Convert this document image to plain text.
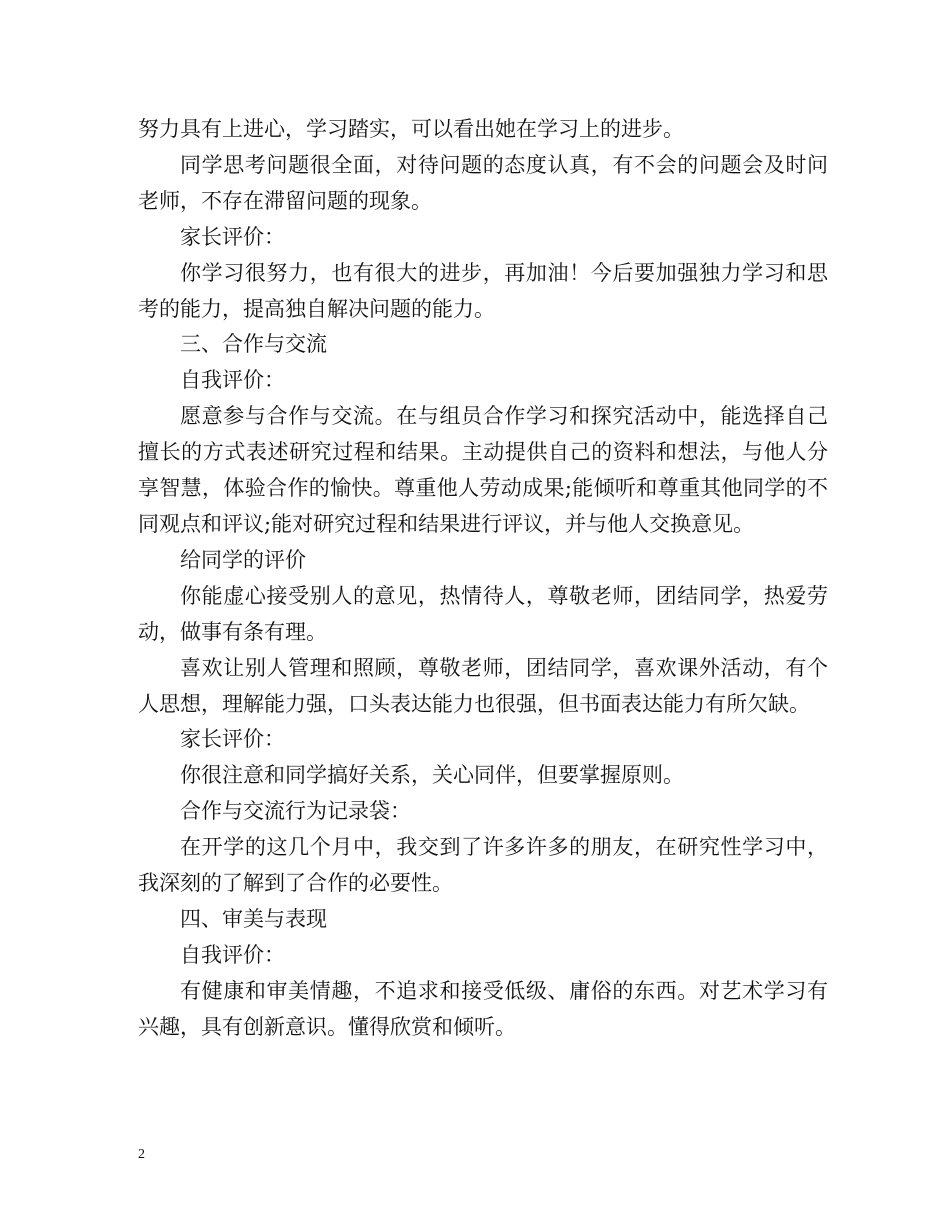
努力具有上进心，学习踏实，可以看出她在学习上的进步。

同学思考问题很全面，对待问题的态度认真，有不会的问题会及时问老师，不存在滞留问题的现象。

家长评价：

你学习很努力，也有很大的进步，再加油！今后要加强独力学习和思考的能力，提高独自解决问题的能力。

三、合作与交流

自我评价：

愿意参与合作与交流。在与组员合作学习和探究活动中，能选择自己擅长的方式表述研究过程和结果。主动提供自己的资料和想法，与他人分享智慧，体验合作的愉快。尊重他人劳动成果;能倾听和尊重其他同学的不同观点和评议;能对研究过程和结果进行评议，并与他人交换意见。

给同学的评价

你能虚心接受别人的意见，热情待人，尊敬老师，团结同学，热爱劳动，做事有条有理。

喜欢让别人管理和照顾，尊敬老师，团结同学，喜欢课外活动，有个人思想，理解能力强，口头表达能力也很强，但书面表达能力有所欠缺。

家长评价：

你很注意和同学搞好关系，关心同伴，但要掌握原则。

合作与交流行为记录袋：

在开学的这几个月中，我交到了许多许多的朋友，在研究性学习中，我深刻的了解到了合作的必要性。

四、审美与表现

自我评价：

有健康和审美情趣，不追求和接受低级、庸俗的东西。对艺术学习有兴趣，具有创新意识。懂得欣赏和倾听。

2
